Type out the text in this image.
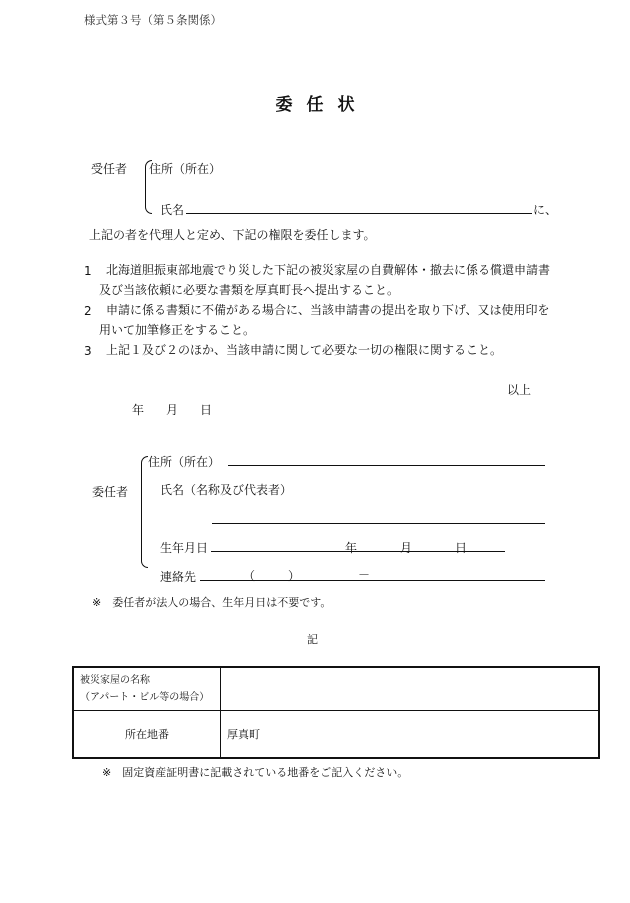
様式第３号（第５条関係）
委任状
受任者 住所（所在）
氏名	に、
上記の者を代理人と定め、下記の権限を委任します。
1	北海道胆振東部地震でり災した下記の被災家屋の自費解体・撤去に係る償還申請書及び当該依頼に必要な書類を厚真町長へ提出すること。
2	申請に係る書類に不備がある場合に、当該申請書の提出を取り下げ、又は使用印を用いて加筆修正をすること。
3	上記１及び２のほか、当該申請に関して必要な一切の権限に関すること。
以上
年 月 日
委任者
住所（所在）
氏名（名称及び代表者）
生年月日	年	月	日
連絡先	（	）	－
※　委任者が法人の場合、生年月日は不要です。
記
被災家屋の名称
（アパート・ビル等の場合）	

所在地番	厚真町
※　固定資産証明書に記載されている地番をご記入ください。
